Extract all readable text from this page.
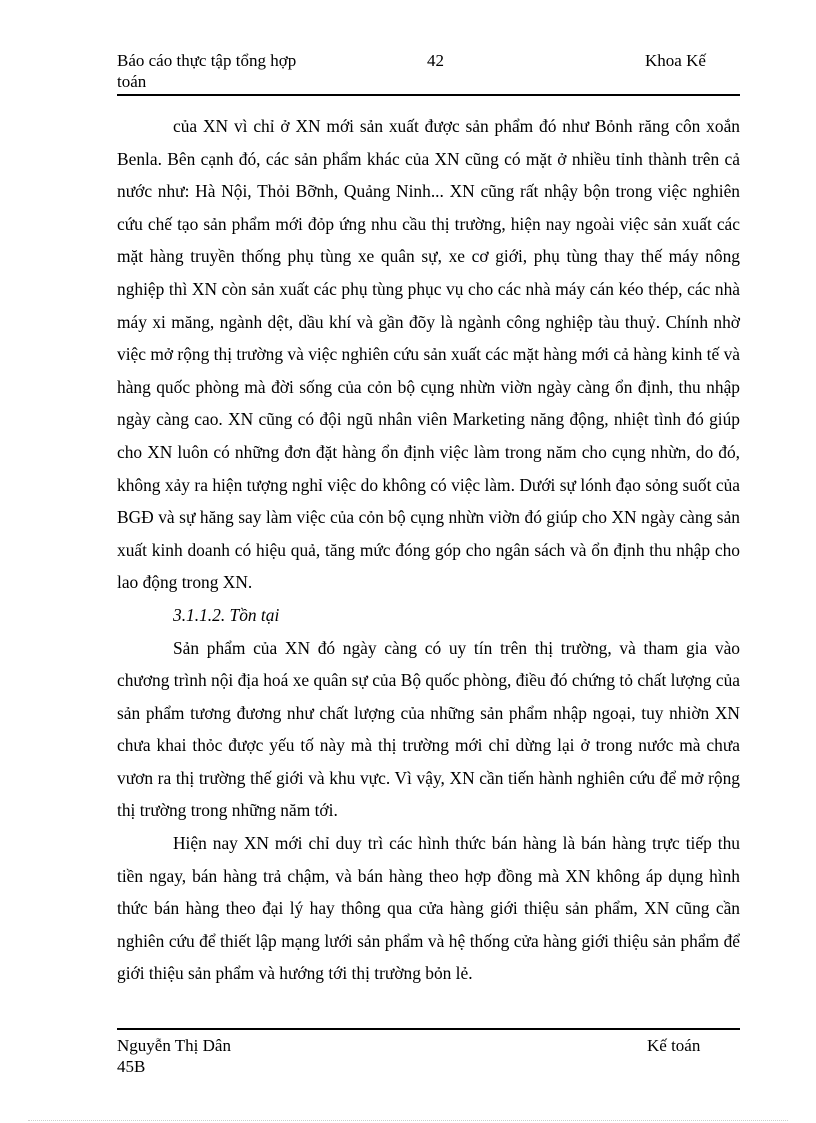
Báo cáo thực tập tổng hợp
toán
42	Khoa Kế

của XN vì chỉ ở XN mới sản xuất được sản phẩm đó như Bỏnh răng côn xoắn Benla. Bên cạnh đó, các sản phẩm khác của XN cũng có mặt ở nhiều tỉnh thành trên cả nước như: Hà Nội, Thỏi Bỡnh, Quảng Ninh... XN cũng rất nhậy bộn trong việc nghiên cứu chế tạo sản phẩm mới đỏp ứng nhu cầu thị trường, hiện nay ngoài việc sản xuất các mặt hàng truyền thống phụ tùng xe quân sự, xe cơ giới, phụ tùng thay thế máy nông nghiệp thì XN còn sản xuất các phụ tùng phục vụ cho các nhà máy cán kéo thép, các nhà máy xi măng, ngành dệt, dầu khí và gần đõy là ngành công nghiệp tàu thuỷ. Chính nhờ việc mở rộng thị trường và việc nghiên cứu sản xuất các mặt hàng mới cả hàng kinh tế và hàng quốc phòng mà đời sống của cỏn bộ cụng nhừn viờn ngày càng ổn định, thu nhập ngày càng cao. XN cũng có đội ngũ nhân viên Marketing năng động, nhiệt tình đó giúp cho XN luôn có những đơn đặt hàng ổn định việc làm trong năm cho cụng nhừn, do đó, không xảy ra hiện tượng nghỉ việc do không có việc làm. Dưới sự lónh đạo sỏng suốt của BGĐ và sự hăng say làm việc của cỏn bộ cụng nhừn viờn đó giúp cho XN ngày càng sản xuất kinh doanh có hiệu quả, tăng mức đóng góp cho ngân sách và ổn định thu nhập cho lao động trong XN.

3.1.1.2. Tồn tại

Sản phẩm của XN đó ngày càng có uy tín trên thị trường, và tham gia vào chương trình nội địa hoá xe quân sự của Bộ quốc phòng, điều đó chứng tỏ chất lượng của sản phẩm tương đương như chất lượng của những sản phẩm nhập ngoại, tuy nhiờn XN chưa khai thỏc được yếu tố này mà thị trường mới chỉ dừng lại ở trong nước mà chưa vươn ra thị trường thế giới và khu vực. Vì vậy, XN cần tiến hành nghiên cứu để mở rộng thị trường trong những năm tới.

Hiện nay XN mới chỉ duy trì các hình thức bán hàng là bán hàng trực tiếp thu tiền ngay, bán hàng trả chậm, và bán hàng theo hợp đồng mà XN không áp dụng hình thức bán hàng theo đại lý hay thông qua cửa hàng giới thiệu sản phẩm, XN cũng cần nghiên cứu để thiết lập mạng lưới sản phẩm và hệ thống cửa hàng giới thiệu sản phẩm để giới thiệu sản phẩm và hướng tới thị trường bỏn lẻ.

Nguyễn Thị Dân
45B
Kế toán
